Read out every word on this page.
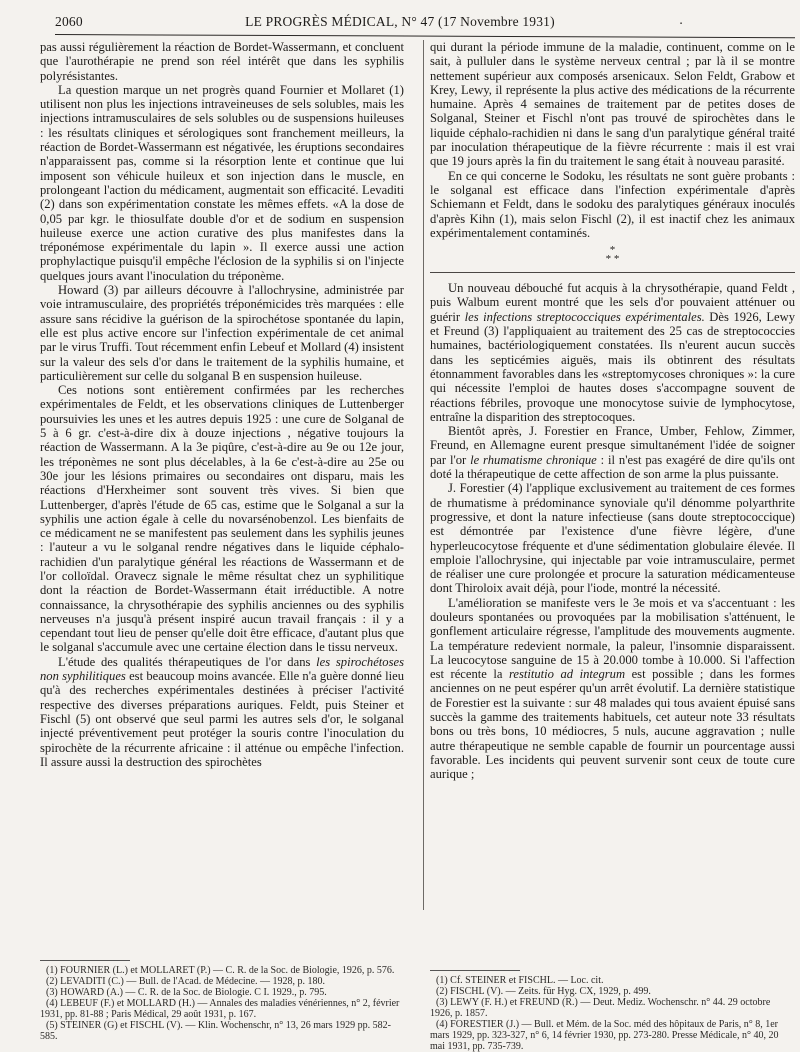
2060	LE PROGRÈS MÉDICAL, N° 47 (17 Novembre 1931)	.

pas aussi régulièrement la réaction de Bordet-Wassermann, et concluent que l'aurothérapie ne prend son réel intérêt que dans les syphilis polyrésistantes.

La question marque un net progrès quand Fournier et Mollaret (1) utilisent non plus les injections intraveineuses de sels solubles, mais les injections intramusculaires de sels solubles ou de suspensions huileuses : les résultats cliniques et sérologiques sont franchement meilleurs, la réaction de Bordet-Wassermann est négativée, les éruptions secondaires n'apparaissent pas, comme si la résorption lente et continue que lui imposent son véhicule huileux et son injection dans le muscle, en prolongeant l'action du médicament, augmentait son efficacité. Levaditi (2) dans son expérimentation constate les mêmes effets. «A la dose de 0,05 par kgr. le thiosulfate double d'or et de sodium en suspension huileuse exerce une action curative des plus manifestes dans la tréponémose expérimentale du lapin ». Il exerce aussi une action prophylactique puisqu'il empêche l'éclosion de la syphilis si on l'injecte quelques jours avant l'inoculation du tréponème.

Howard (3) par ailleurs découvre à l'allochrysine, administrée par voie intramusculaire, des propriétés tréponémicides très marquées : elle assure sans récidive la guérison de la spirochétose spontanée du lapin, elle est plus active encore sur l'infection expérimentale de cet animal par le virus Truffi. Tout récemment enfin Lebeuf et Mollard (4) insistent sur la valeur des sels d'or dans le traitement de la syphilis humaine, et particulièrement sur celle du solganal B en suspension huileuse.

Ces notions sont entièrement confirmées par les recherches expérimentales de Feldt, et les observations cliniques de Luttenberger poursuivies les unes et les autres depuis 1925 : une cure de Solganal de 5 à 6 gr. c'est-à-dire dix à douze injections , négative toujours la réaction de Wassermann. A la 3e piqûre, c'est-à-dire au 9e ou 12e jour, les tréponèmes ne sont plus décelables, à la 6e c'est-à-dire au 25e ou 30e jour les lésions primaires ou secondaires ont disparu, mais les réactions d'Herxheimer sont souvent très vives. Si bien que Luttenberger, d'après l'étude de 65 cas, estime que le Solganal a sur la syphilis une action égale à celle du novarsénobenzol. Les bienfaits de ce médicament ne se manifestent pas seulement dans les syphilis jeunes : l'auteur a vu le solganal rendre négatives dans le liquide céphalo-rachidien d'un paralytique général les réactions de Wassermann et de l'or colloïdal. Oravecz signale le même résultat chez un syphilitique dont la réaction de Bordet-Wassermann était irréductible. A notre connaissance, la chrysothérapie des syphilis anciennes ou des syphilis nerveuses n'a jusqu'à présent inspiré aucun travail français : il y a cependant tout lieu de penser qu'elle doit être efficace, d'autant plus que le solganal s'accumule avec une certaine élection dans le tissu nerveux.

L'étude des qualités thérapeutiques de l'or dans les spirochétoses non syphilitiques est beaucoup moins avancée. Elle n'a guère donné lieu qu'à des recherches expérimentales destinées à préciser l'activité respective des diverses préparations auriques. Feldt, puis Steiner et Fischl (5) ont observé que seul parmi les autres sels d'or, le solganal injecté préventivement peut protéger la souris contre l'inoculation du spirochète de la récurrente africaine : il atténue ou empêche l'infection. Il assure aussi la destruction des spirochètes

qui durant la période immune de la maladie, continuent, comme on le sait, à pulluler dans le système nerveux central ; par là il se montre nettement supérieur aux composés arsenicaux. Selon Feldt, Grabow et Krey, Lewy, il représente la plus active des médications de la récurrente humaine. Après 4 semaines de traitement par de petites doses de Solganal, Steiner et Fischl n'ont pas trouvé de spirochètes dans le liquide céphalo-rachidien ni dans le sang d'un paralytique général traité par inoculation thérapeutique de la fièvre récurrente : mais il est vrai que 19 jours après la fin du traitement le sang était à nouveau parasité.

En ce qui concerne le Sodoku, les résultats ne sont guère probants : le solganal est efficace dans l'infection expérimentale d'après Schiemann et Feldt, dans le sodoku des paralytiques généraux inoculés d'après Kihn (1), mais selon Fischl (2), il est inactif chez les animaux expérimentalement contaminés.

*
* *

Un nouveau débouché fut acquis à la chrysothérapie, quand Feldt , puis Walbum eurent montré que les sels d'or pouvaient atténuer ou guérir les infections streptococciques expérimentales. Dès 1926, Lewy et Freund (3) l'appliquaient au traitement des 25 cas de streptococcies humaines, bactériologiquement constatées. Ils n'eurent aucun succès dans les septicémies aiguës, mais ils obtinrent des résultats étonnamment favorables dans les «streptomycoses chroniques »: la cure qui nécessite l'emploi de hautes doses s'accompagne souvent de réactions fébriles, provoque une monocytose suivie de lymphocytose, entraîne la disparition des streptocoques.

Bientôt après, J. Forestier en France, Umber, Fehlow, Zimmer, Freund, en Allemagne eurent presque simultanément l'idée de soigner par l'or le rhumatisme chronique : il n'est pas exagéré de dire qu'ils ont doté la thérapeutique de cette affection de son arme la plus puissante.

J. Forestier (4) l'applique exclusivement au traitement de ces formes de rhumatisme à prédominance synoviale qu'il dénomme polyarthrite progressive, et dont la nature infectieuse (sans doute streptococcique) est démontrée par l'existence d'une fièvre légère, d'une hyperleucocytose fréquente et d'une sédimentation globulaire élevée. Il emploie l'allochrysine, qui injectable par voie intramusculaire, permet de réaliser une cure prolongée et procure la saturation médicamenteuse dont Thiroloix avait déjà, pour l'iode, montré la nécessité.

L'amélioration se manifeste vers le 3e mois et va s'accentuant : les douleurs spontanées ou provoquées par la mobilisation s'atténuent, le gonflement articulaire régresse, l'amplitude des mouvements augmente. La température redevient normale, la paleur, l'insomnie disparaissent. La leucocytose sanguine de 15 à 20.000 tombe à 10.000. Si l'affection est récente la restitutio ad integrum est possible ; dans les formes anciennes on ne peut espérer qu'un arrêt évolutif. La dernière statistique de Forestier est la suivante : sur 48 malades qui tous avaient épuisé sans succès la gamme des traitements habituels, cet auteur note 33 résultats bons ou très bons, 10 médiocres, 5 nuls, aucune aggravation ; nulle autre thérapeutique ne semble capable de fournir un pourcentage aussi favorable. Les incidents qui peuvent survenir sont ceux de toute cure aurique ;

(1) FOURNIER (L.) et MOLLARET (P.) — C. R. de la Soc. de Biologie, 1926, p. 576.
(2) LEVADITI (C.) — Bull. de l'Acad. de Médecine. — 1928, p. 180.
(3) HOWARD (A.) — C. R. de la Soc. de Biologie. C I. 1929., p. 795.
(4) LEBEUF (F.) et MOLLARD (H.) — Annales des maladies vénériennes, n° 2, février 1931, pp. 81-88 ; Paris Médical, 29 août 1931, p. 167.
(5) STEINER (G) et FISCHL (V). — Klin. Wochenschr, n° 13, 26 mars 1929 pp. 582-585.
(1) Cf. STEINER et FISCHL. — Loc. cit.
(2) FISCHL (V). — Zeits. für Hyg. CX, 1929, p. 499.
(3) LEWY (F. H.) et FREUND (R.) — Deut. Mediz. Wochenschr. n° 44. 29 octobre 1926, p. 1857.
(4) FORESTIER (J.) — Bull. et Mém. de la Soc. méd des hôpitaux de Paris, n° 8, 1er mars 1929, pp. 323-327, n° 6, 14 février 1930, pp. 273-280. Presse Médicale, n° 40, 20 mai 1931, pp. 735-739.
